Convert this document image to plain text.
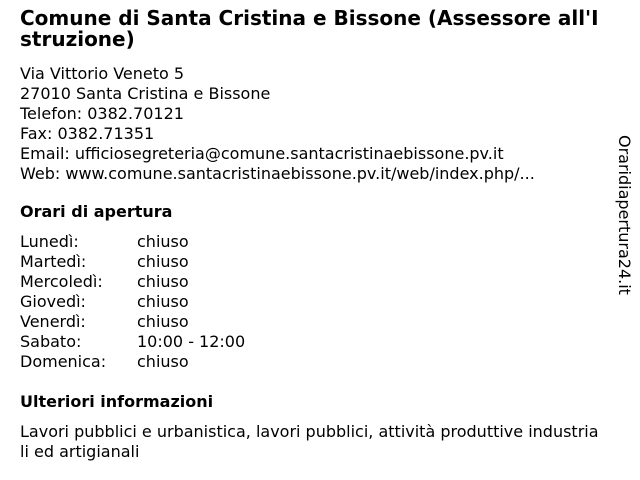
Comune di Santa Cristina e Bissone (Assessore all'Istruzione)
Via Vittorio Veneto 5
27010 Santa Cristina e Bissone
Telefon: 0382.70121
Fax: 0382.71351
Email: ufficiosegreteria@comune.santacristinaebissone.pv.it
Web: www.comune.santacristinaebissone.pv.it/web/index.php/...
Orari di apertura
Lunedì:	chiuso
Martedì:	chiuso
Mercoledì:	chiuso
Giovedì:	chiuso
Venerdì:	chiuso
Sabato:	10:00 - 12:00
Domenica:	chiuso
Ulteriori informazioni
Lavori pubblici e urbanistica, lavori pubblici, attività produttive industriali ed artigianali
Oraridiapertura24.it
